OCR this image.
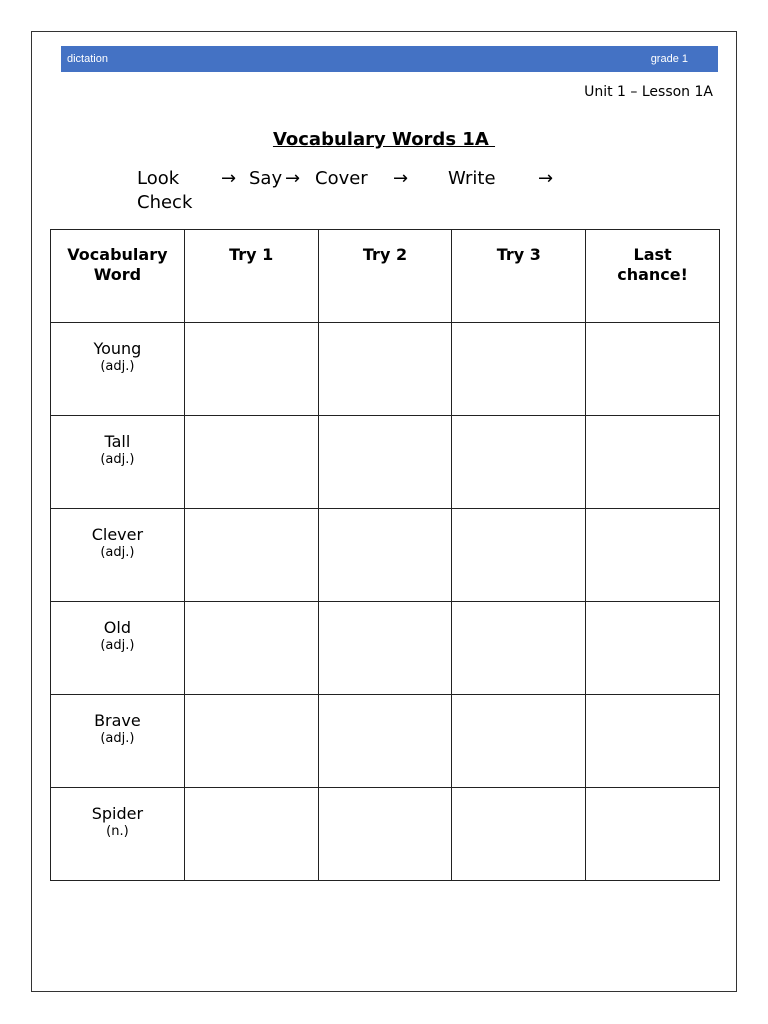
dictation	grade 1
Unit 1 – Lesson 1A
Vocabulary Words 1A
Look	→ Say → Cover	→	Write	→
Check
Vocabulary Word	Try 1	Try 2	Try 3	Last chance!

Young
(adj.)				

Tall
(adj.)				

Clever
(adj.)				

Old
(adj.)				

Brave
(adj.)				

Spider
(n.)				
